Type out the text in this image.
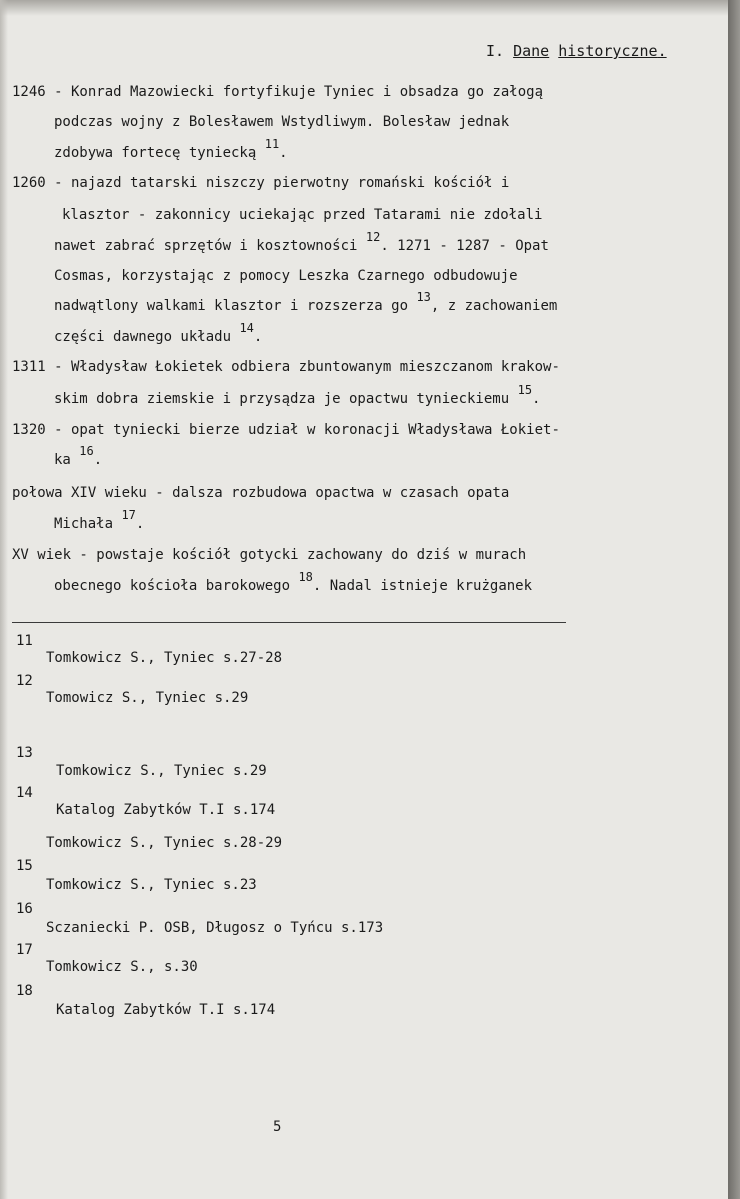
I. Dane historyczne.
1246 - Konrad Mazowiecki fortyfikuje Tyniec i obsadza go załogą
podczas wojny z Bolesławem Wstydliwym. Bolesław jednak
zdobywa fortecę tyniecką 11.
1260 - najazd tatarski niszczy pierwotny romański kościół i
klasztor - zakonnicy uciekając przed Tatarami nie zdołali
nawet zabrać sprzętów i kosztowności 12. 1271 - 1287 - Opat
Cosmas, korzystając z pomocy Leszka Czarnego odbudowuje
nadwątlony walkami klasztor i rozszerza go 13, z zachowaniem
części dawnego układu 14.
1311 - Władysław Łokietek odbiera zbuntowanym mieszczanom krakow-
skim dobra ziemskie i przysądza je opactwu tynieckiemu 15.
1320 - opat tyniecki bierze udział w koronacji Władysława Łokiet-
ka 16.
połowa XIV wieku - dalsza rozbudowa opactwa w czasach opata
Michała 17.
XV wiek - powstaje kościół gotycki zachowany do dziś w murach
obecnego kościoła barokowego 18. Nadal istnieje krużganek
11
Tomkowicz S., Tyniec s.27-28
12
Tomowicz S., Tyniec s.29
13
Tomkowicz S., Tyniec s.29
14
Katalog Zabytków T.I s.174
Tomkowicz S., Tyniec s.28-29
15
Tomkowicz S., Tyniec s.23
16
Sczaniecki P. OSB, Długosz o Tyńcu s.173
17
Tomkowicz S., s.30
18
Katalog Zabytków T.I s.174
5
